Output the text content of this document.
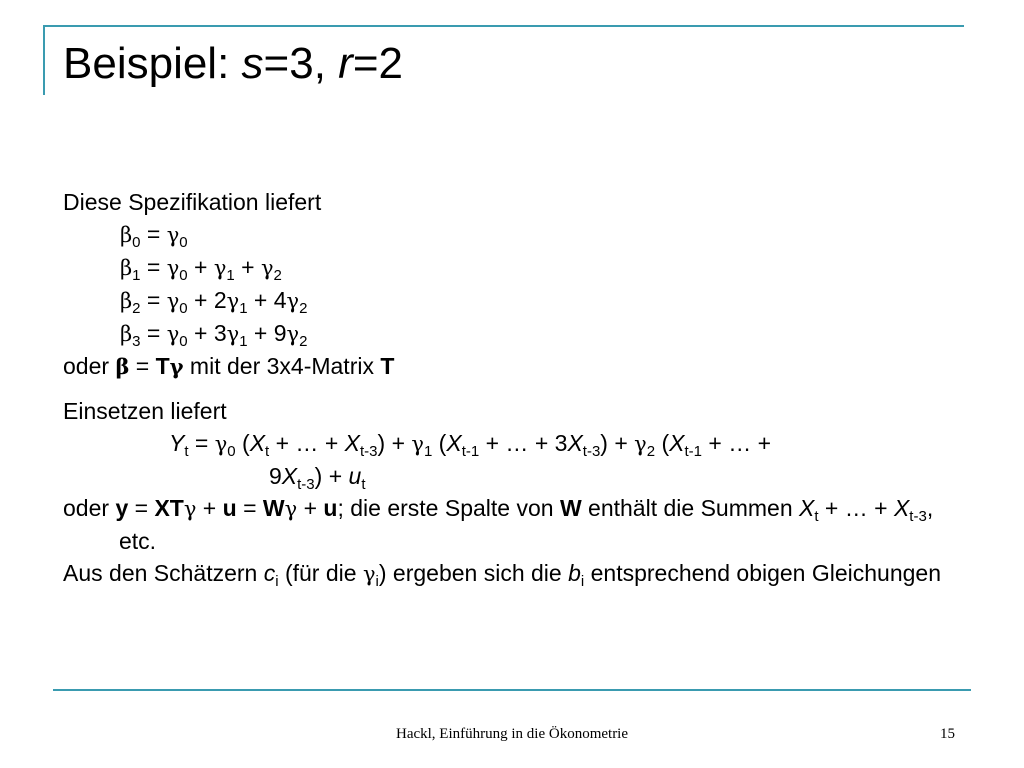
Beispiel: s=3, r=2
Diese Spezifikation liefert
$\beta_0 = \gamma_0$
$\beta_1 = \gamma_0 + \gamma_1 + \gamma_2$
$\beta_2 = \gamma_0 + 2\gamma_1 + 4\gamma_2$
$\beta_3 = \gamma_0 + 3\gamma_1 + 9\gamma_2$
oder β = Tγ mit der 3x4-Matrix T
Einsetzen liefert
$Y_t = \gamma_0$ ($X_t$ + … + $X_{t-3}) + \gamma_1$ ($X_{t-1}$ + … + $3X_{t-3}) + \gamma_2$ ($X_{t-1}$ + … +
$9X_{t-3}) + u_t$
oder y = XTγ + u = Wγ + u; die erste Spalte von W enthält die Summen $X_t$ + … + $X_{t-3}$, etc.
Aus den Schätzern $c_i$ (für die $\gamma_i$) ergeben sich die $b_i$ entsprechend obigen Gleichungen
Hackl, Einführung in die Ökonometrie	15
